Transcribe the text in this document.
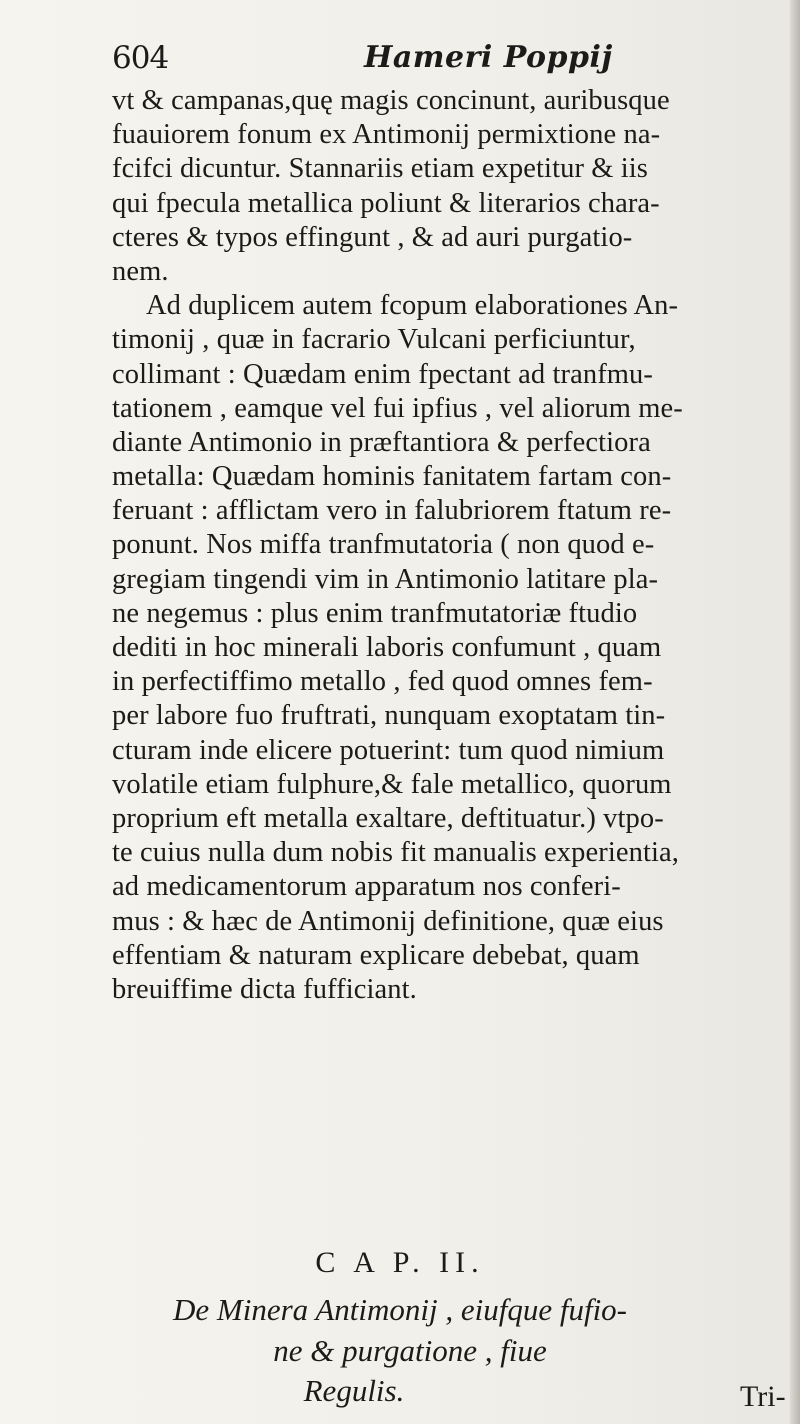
604	Hameri Poppij
vt & campanas,quę magis concinunt, auribusque
fuauiorem fonum ex Antimonij permixtione na-
fcifci dicuntur. Stannariis etiam expetitur & iis
qui fpecula metallica poliunt & literarios chara-
cteres & typos effingunt , & ad auri purgatio-
nem.
Ad duplicem autem fcopum elaborationes An-
timonij , quæ in facrario Vulcani perficiuntur,
collimant : Quædam enim fpectant ad tranfmu-
tationem , eamque vel fui ipfius , vel aliorum me-
diante Antimonio in præftantiora & perfectiora
metalla: Quædam hominis fanitatem fartam con-
feruant : afflictam vero in falubriorem ftatum re-
ponunt. Nos miffa tranfmutatoria ( non quod e-
gregiam tingendi vim in Antimonio latitare pla-
ne negemus : plus enim tranfmutatoriæ ftudio
dediti in hoc minerali laboris confumunt , quam
in perfectiffimo metallo , fed quod omnes fem-
per labore fuo fruftrati, nunquam exoptatam tin-
cturam inde elicere potuerint: tum quod nimium
volatile etiam fulphure,& fale metallico, quorum
proprium eft metalla exaltare, deftituatur.) vtpo-
te cuius nulla dum nobis fit manualis experientia,
ad medicamentorum apparatum nos conferi-
mus : & hæc de Antimonij definitione, quæ eius
effentiam & naturam explicare debebat, quam
breuiffime dicta fufficiant.
C A P. II.
De Minera Antimonij , eiufque fufio-
ne & purgatione , fiue
Regulis.	Tri-
